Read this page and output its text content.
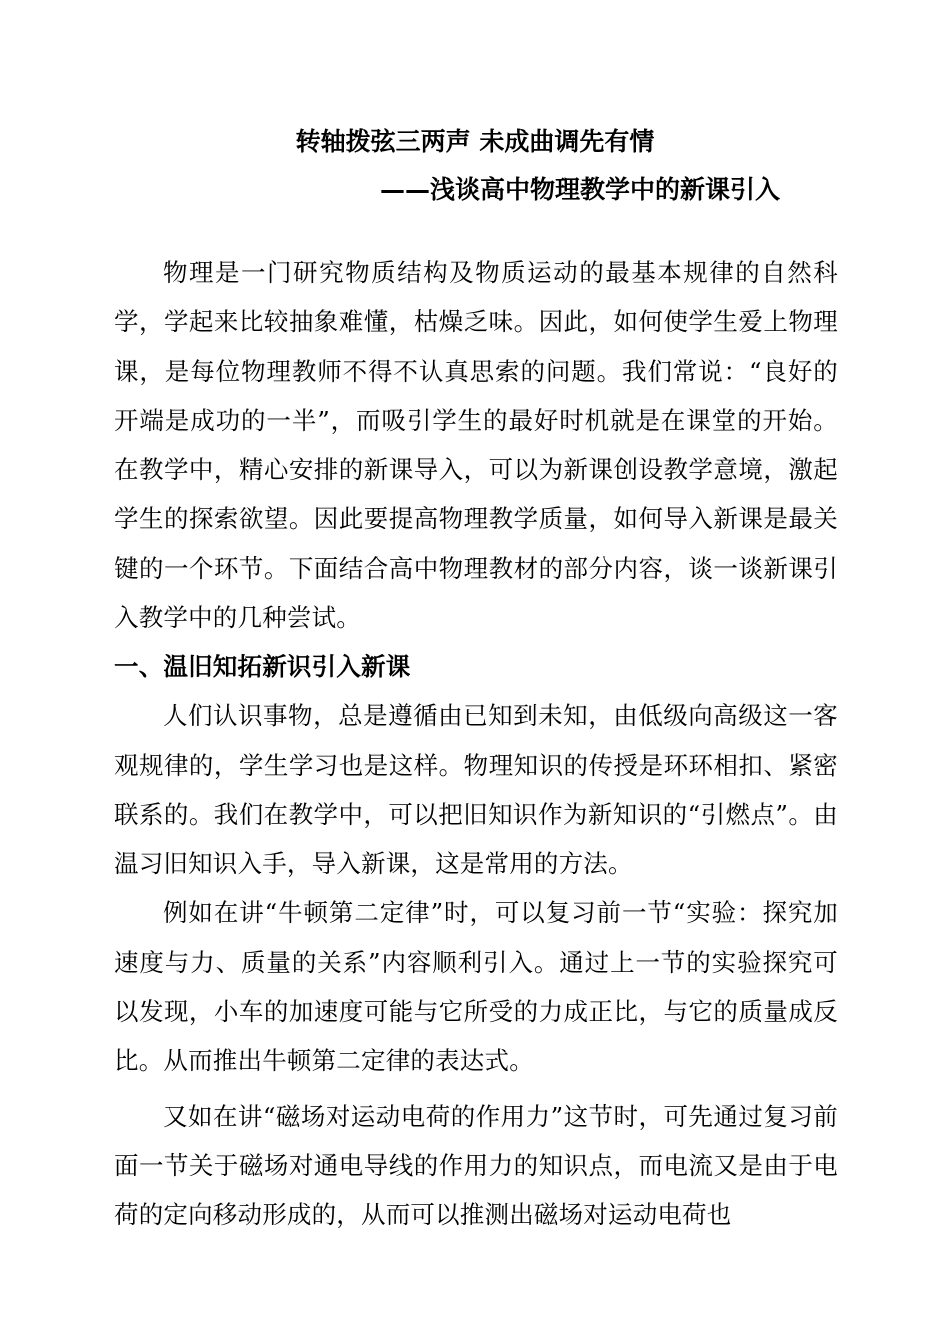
转轴拨弦三两声 未成曲调先有情
——浅谈高中物理教学中的新课引入

物理是一门研究物质结构及物质运动的最基本规律的自然科学，学起来比较抽象难懂，枯燥乏味。因此，如何使学生爱上物理课，是每位物理教师不得不认真思索的问题。我们常说：“良好的开端是成功的一半”，而吸引学生的最好时机就是在课堂的开始。在教学中，精心安排的新课导入，可以为新课创设教学意境，激起学生的探索欲望。因此要提高物理教学质量，如何导入新课是最关键的一个环节。下面结合高中物理教材的部分内容，谈一谈新课引入教学中的几种尝试。

一、温旧知拓新识引入新课

人们认识事物，总是遵循由已知到未知，由低级向高级这一客观规律的，学生学习也是这样。物理知识的传授是环环相扣、紧密联系的。我们在教学中，可以把旧知识作为新知识的“引燃点”。由温习旧知识入手，导入新课，这是常用的方法。

例如在讲“牛顿第二定律”时，可以复习前一节“实验：探究加速度与力、质量的关系”内容顺利引入。通过上一节的实验探究可以发现，小车的加速度可能与它所受的力成正比，与它的质量成反比。从而推出牛顿第二定律的表达式。

又如在讲“磁场对运动电荷的作用力”这节时，可先通过复习前面一节关于磁场对通电导线的作用力的知识点，而电流又是由于电荷的定向移动形成的，从而可以推测出磁场对运动电荷也
